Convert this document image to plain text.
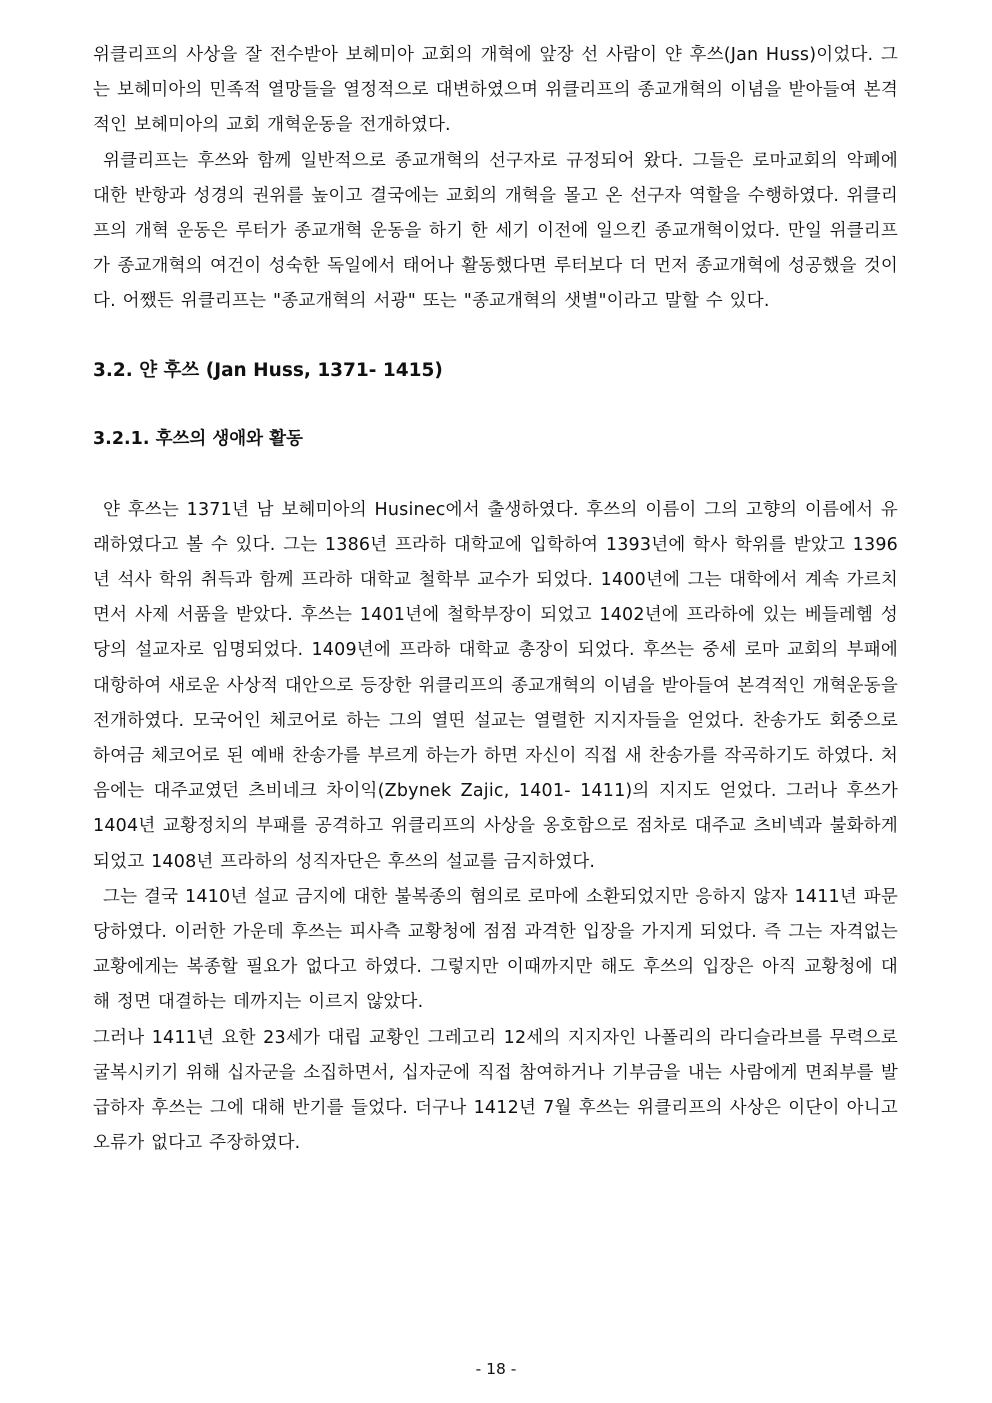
위클리프의 사상을 잘 전수받아 보헤미아 교회의 개혁에 앞장 선 사람이 얀 후쓰(Jan Huss)이었다. 그는 보헤미아의 민족적 열망들을 열정적으로 대변하였으며 위클리프의 종교개혁의 이념을 받아들여 본격적인 보헤미아의 교회 개혁운동을 전개하였다.

위클리프는 후쓰와 함께 일반적으로 종교개혁의 선구자로 규정되어 왔다. 그들은 로마교회의 악폐에 대한 반항과 성경의 권위를 높이고 결국에는 교회의 개혁을 몰고 온 선구자 역할을 수행하였다. 위클리프의 개혁 운동은 루터가 종교개혁 운동을 하기 한 세기 이전에 일으킨 종교개혁이었다. 만일 위클리프가 종교개혁의 여건이 성숙한 독일에서 태어나 활동했다면 루터보다 더 먼저 종교개혁에 성공했을 것이다. 어쨌든 위클리프는 "종교개혁의 서광" 또는 "종교개혁의 샛별"이라고 말할 수 있다.

3.2. 얀 후쓰 (Jan Huss, 1371- 1415)
3.2.1. 후쓰의 생애와 활동

얀 후쓰는 1371년 남 보헤미아의 Husinec에서 출생하였다. 후쓰의 이름이 그의 고향의 이름에서 유래하였다고 볼 수 있다. 그는 1386년 프라하 대학교에 입학하여 1393년에 학사 학위를 받았고 1396년 석사 학위 취득과 함께 프라하 대학교 철학부 교수가 되었다. 1400년에 그는 대학에서 계속 가르치면서 사제 서품을 받았다. 후쓰는 1401년에 철학부장이 되었고 1402년에 프라하에 있는 베들레헴 성당의 설교자로 임명되었다. 1409년에 프라하 대학교 총장이 되었다. 후쓰는 중세 로마 교회의 부패에 대항하여 새로운 사상적 대안으로 등장한 위클리프의 종교개혁의 이념을 받아들여 본격적인 개혁운동을 전개하였다. 모국어인 체코어로 하는 그의 열띤 설교는 열렬한 지지자들을 얻었다. 찬송가도 회중으로 하여금 체코어로 된 예배 찬송가를 부르게 하는가 하면 자신이 직접 새 찬송가를 작곡하기도 하였다. 처음에는 대주교였던 츠비네크 차이익(Zbynek Zajic, 1401- 1411)의 지지도 얻었다. 그러나 후쓰가 1404년 교황정치의 부패를 공격하고 위클리프의 사상을 옹호함으로 점차로 대주교 츠비넥과 불화하게 되었고 1408년 프라하의 성직자단은 후쓰의 설교를 금지하였다.

그는 결국 1410년 설교 금지에 대한 불복종의 혐의로 로마에 소환되었지만 응하지 않자 1411년 파문당하였다. 이러한 가운데 후쓰는 피사측 교황청에 점점 과격한 입장을 가지게 되었다. 즉 그는 자격없는 교황에게는 복종할 필요가 없다고 하였다. 그렇지만 이때까지만 해도 후쓰의 입장은 아직 교황청에 대해 정면 대결하는 데까지는 이르지 않았다.

그러나 1411년 요한 23세가 대립 교황인 그레고리 12세의 지지자인 나폴리의 라디슬라브를 무력으로 굴복시키기 위해 십자군을 소집하면서, 십자군에 직접 참여하거나 기부금을 내는 사람에게 면죄부를 발급하자 후쓰는 그에 대해 반기를 들었다. 더구나 1412년 7월 후쓰는 위클리프의 사상은 이단이 아니고 오류가 없다고 주장하였다.

- 18 -
